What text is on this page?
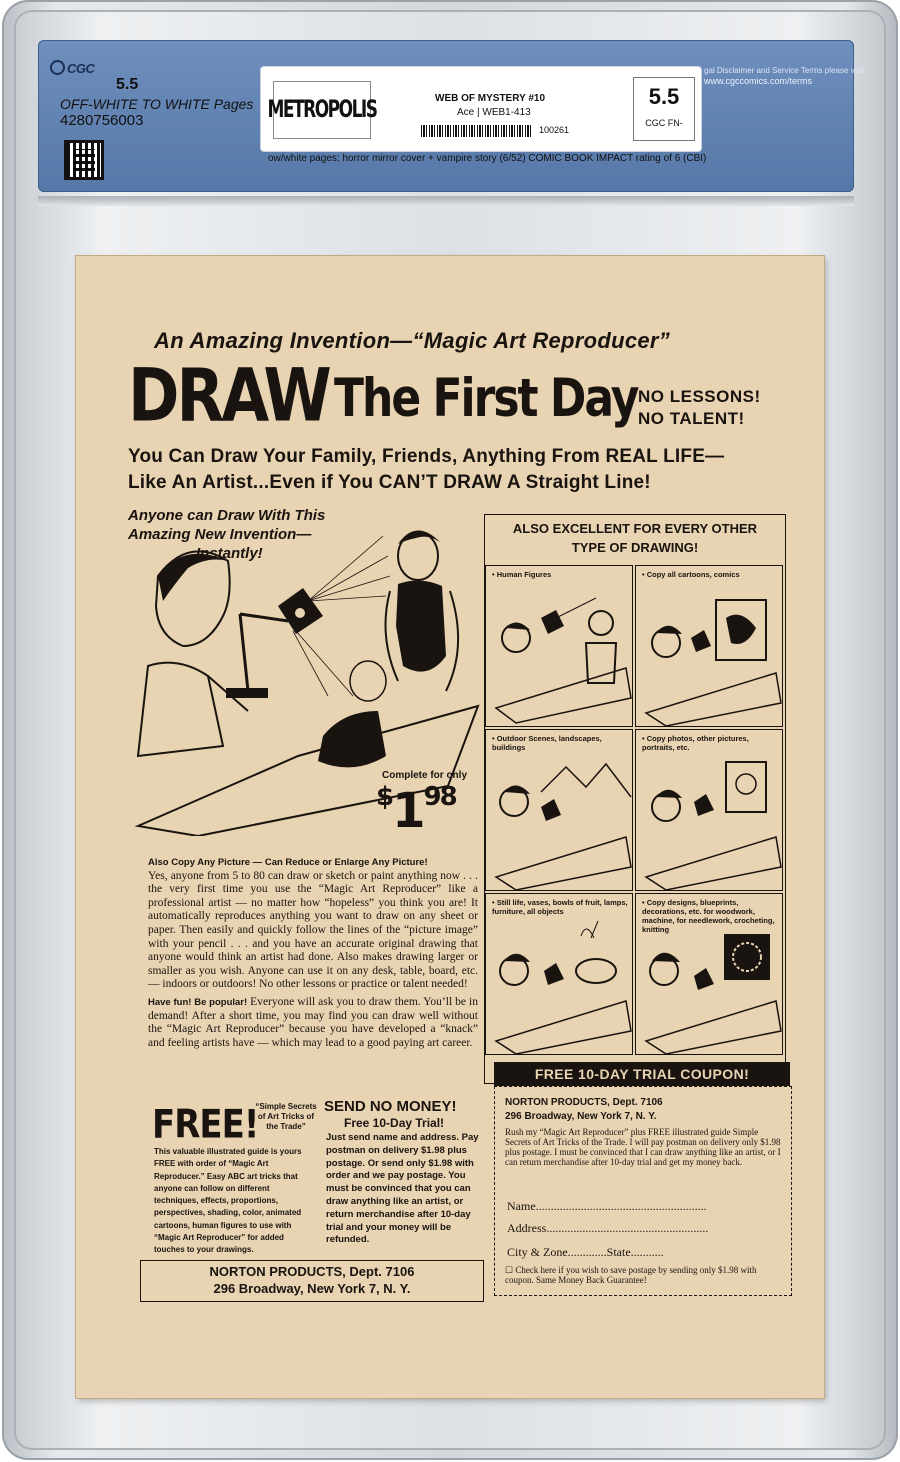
CGC
5.5
OFF-WHITE TO WHITE Pages
4280756003	METROPOLIS	WEB OF MYSTERY #10
Ace | WEB1-413
100261
5.5
CGC FN-
ow/white pages; horror mirror cover + vampire story (6/52) COMIC BOOK IMPACT rating of 6 (CBI)
gal Disclaimer and Service Terms please visit:
www.cgccomics.com/terms
An Amazing Invention—“Magic Art Reproducer”
DRAW The First Day NO LESSONS!
NO TALENT!
You Can Draw Your Family, Friends, Anything From REAL LIFE—
Like An Artist...Even if You CAN’T DRAW A Straight Line!
Anyone can Draw With This
Amazing New Invention—
Instantly!
Complete for only
$^{\$}1^{98}$

Also Copy Any Picture — Can Reduce or Enlarge Any Picture!
Yes, anyone from 5 to 80 can draw or sketch or paint anything now . . . the very first time you use the “Magic Art Reproducer” like a professional artist — no matter how “hopeless” you think you are! It automatically reproduces anything you want to draw on any sheet or paper. Then easily and quickly follow the lines of the “picture image” with your pencil . . . and you have an accurate original drawing that anyone would think an artist had done. Also makes drawing larger or smaller as you wish. Anyone can use it on any desk, table, board, etc. — indoors or outdoors! No other lessons or practice or talent needed!

Have fun! Be popular! Everyone will ask you to draw them. You’ll be in demand! After a short time, you may find you can draw well without the “Magic Art Reproducer” because you have developed a “knack” and feeling artists have — which may lead to a good paying art career.

FREE!
“Simple Secrets of Art Tricks of the Trade”
This valuable illustrated guide is yours FREE with order of “Magic Art Reproducer.” Easy ABC art tricks that anyone can follow on different techniques, effects, proportions, perspectives, shading, color, animated cartoons, human figures to use with “Magic Art Reproducer” for added touches to your drawings.
SEND NO MONEY!
Free 10-Day Trial!
Just send name and address. Pay postman on delivery $1.98 plus postage. Or send only $1.98 with order and we pay postage. You must be convinced that you can draw anything like an artist, or return merchandise after 10-day trial and your money will be refunded.
NORTON PRODUCTS, Dept. 7106
296 Broadway, New York 7, N. Y.
ALSO EXCELLENT FOR EVERY OTHER
TYPE OF DRAWING!
• Human Figures	• Copy all cartoons, comics
• Outdoor Scenes, landscapes, buildings
• Copy photos, other pictures, portraits, etc.
• Still life, vases, bowls of fruit, lamps, furniture, all objects
• Copy designs, blueprints, decorations, etc. for woodwork, machine, for needlework, crocheting, knitting
FREE 10-DAY TRIAL COUPON!
NORTON PRODUCTS, Dept. 7106
296 Broadway, New York 7, N. Y.
Rush my “Magic Art Reproducer” plus FREE illustrated guide Simple Secrets of Art Tricks of the Trade. I will pay postman on delivery only $1.98 plus postage. I must be convinced that I can draw anything like an artist, or I can return merchandise after 10-day trial and get my money back.
Name.........................................................
Address......................................................
City & Zone.............State...........
☐ Check here if you wish to save postage by sending only $1.98 with coupon. Same Money Back Guarantee!
